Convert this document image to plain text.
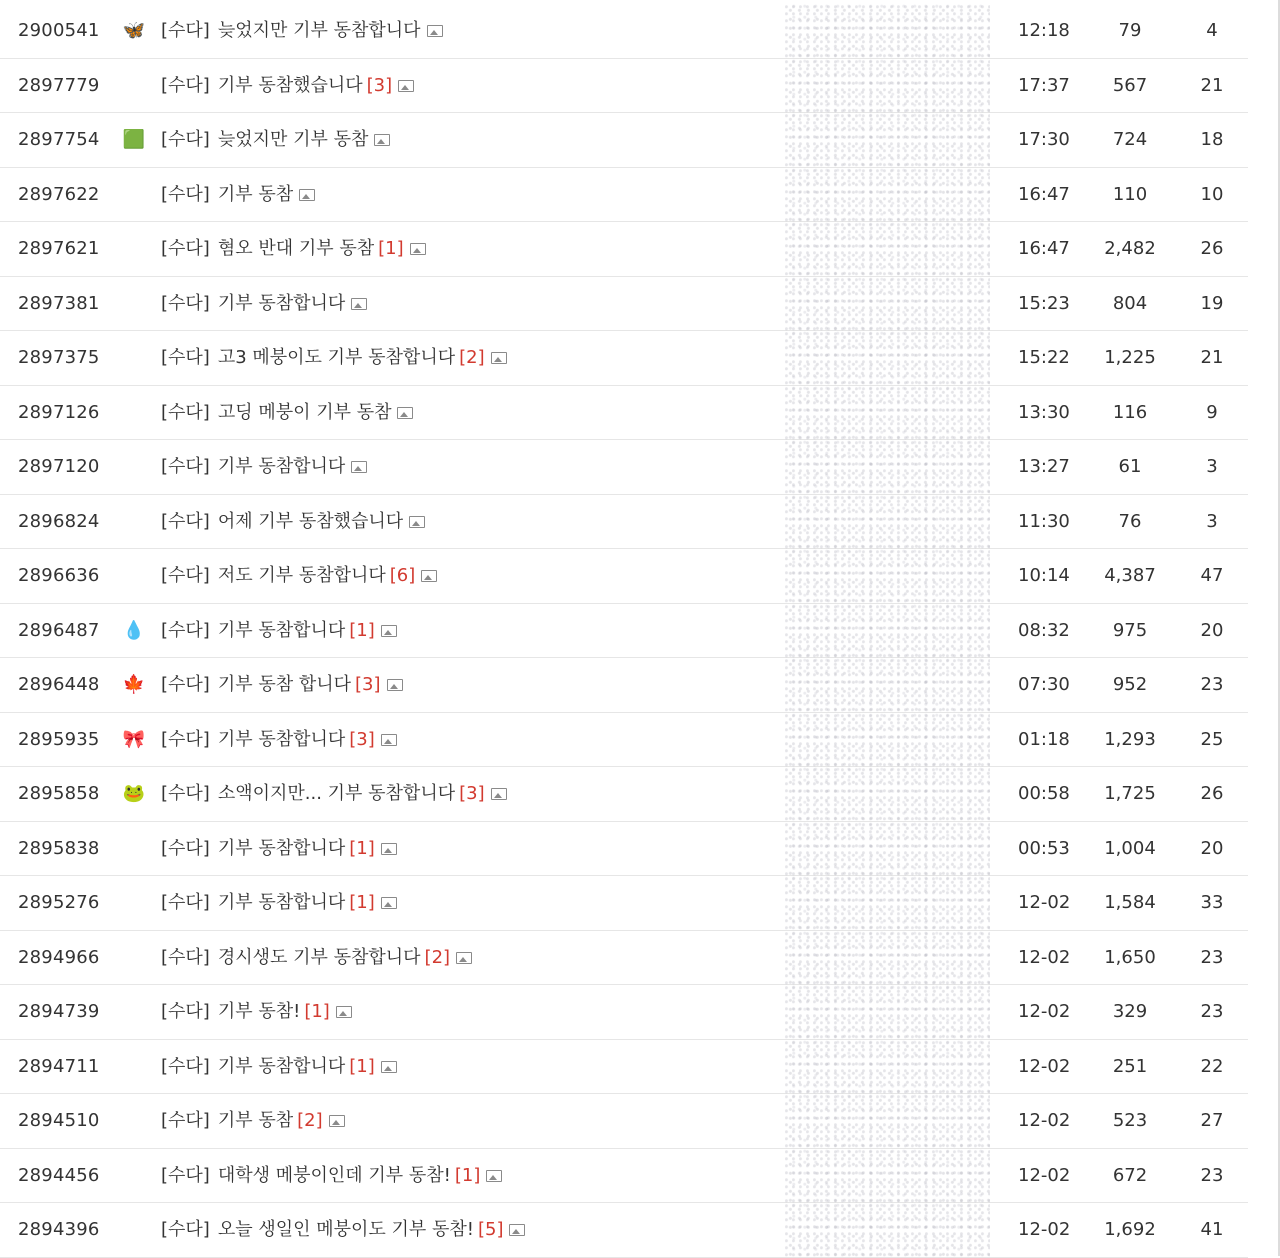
2900541	🦋 [수다] 늦었지만 기부 동참합니다	12:18	79	4
2897779	[수다] 기부 동참했습니다 [3]	17:37	567	21
2897754	🟩 [수다] 늦었지만 기부 동참	17:30	724	18
2897622	[수다] 기부 동참	16:47	110	10
2897621	[수다] 혐오 반대 기부 동참 [1]	16:47	2,482	26
2897381	[수다] 기부 동참합니다	15:23	804	19
2897375	[수다] 고3 메붕이도 기부 동참합니다 [2]	15:22	1,225	21
2897126	[수다] 고딩 메붕이 기부 동참	13:30	116	9
2897120	[수다] 기부 동참합니다	13:27	61	3
2896824	[수다] 어제 기부 동참했습니다	11:30	76	3
2896636	[수다] 저도 기부 동참합니다 [6]	10:14	4,387	47
2896487	💧 [수다] 기부 동참합니다 [1]	08:32	975	20
2896448	🍁 [수다] 기부 동참 합니다 [3]	07:30	952	23
2895935	🎀 [수다] 기부 동참합니다 [3]	01:18	1,293	25
2895858	🐸 [수다] 소액이지만... 기부 동참합니다 [3]	00:58	1,725	26
2895838	[수다] 기부 동참합니다 [1]	00:53	1,004	20
2895276	[수다] 기부 동참합니다 [1]	12-02	1,584	33
2894966	[수다] 경시생도 기부 동참합니다 [2]	12-02	1,650	23
2894739	[수다] 기부 동참! [1]	12-02	329	23
2894711	[수다] 기부 동참합니다 [1]	12-02	251	22
2894510	[수다] 기부 동참 [2]	12-02	523	27
2894456	[수다] 대학생 메붕이인데 기부 동참! [1]	12-02	672	23
2894396	[수다] 오늘 생일인 메붕이도 기부 동참! [5]	12-02	1,692	41
